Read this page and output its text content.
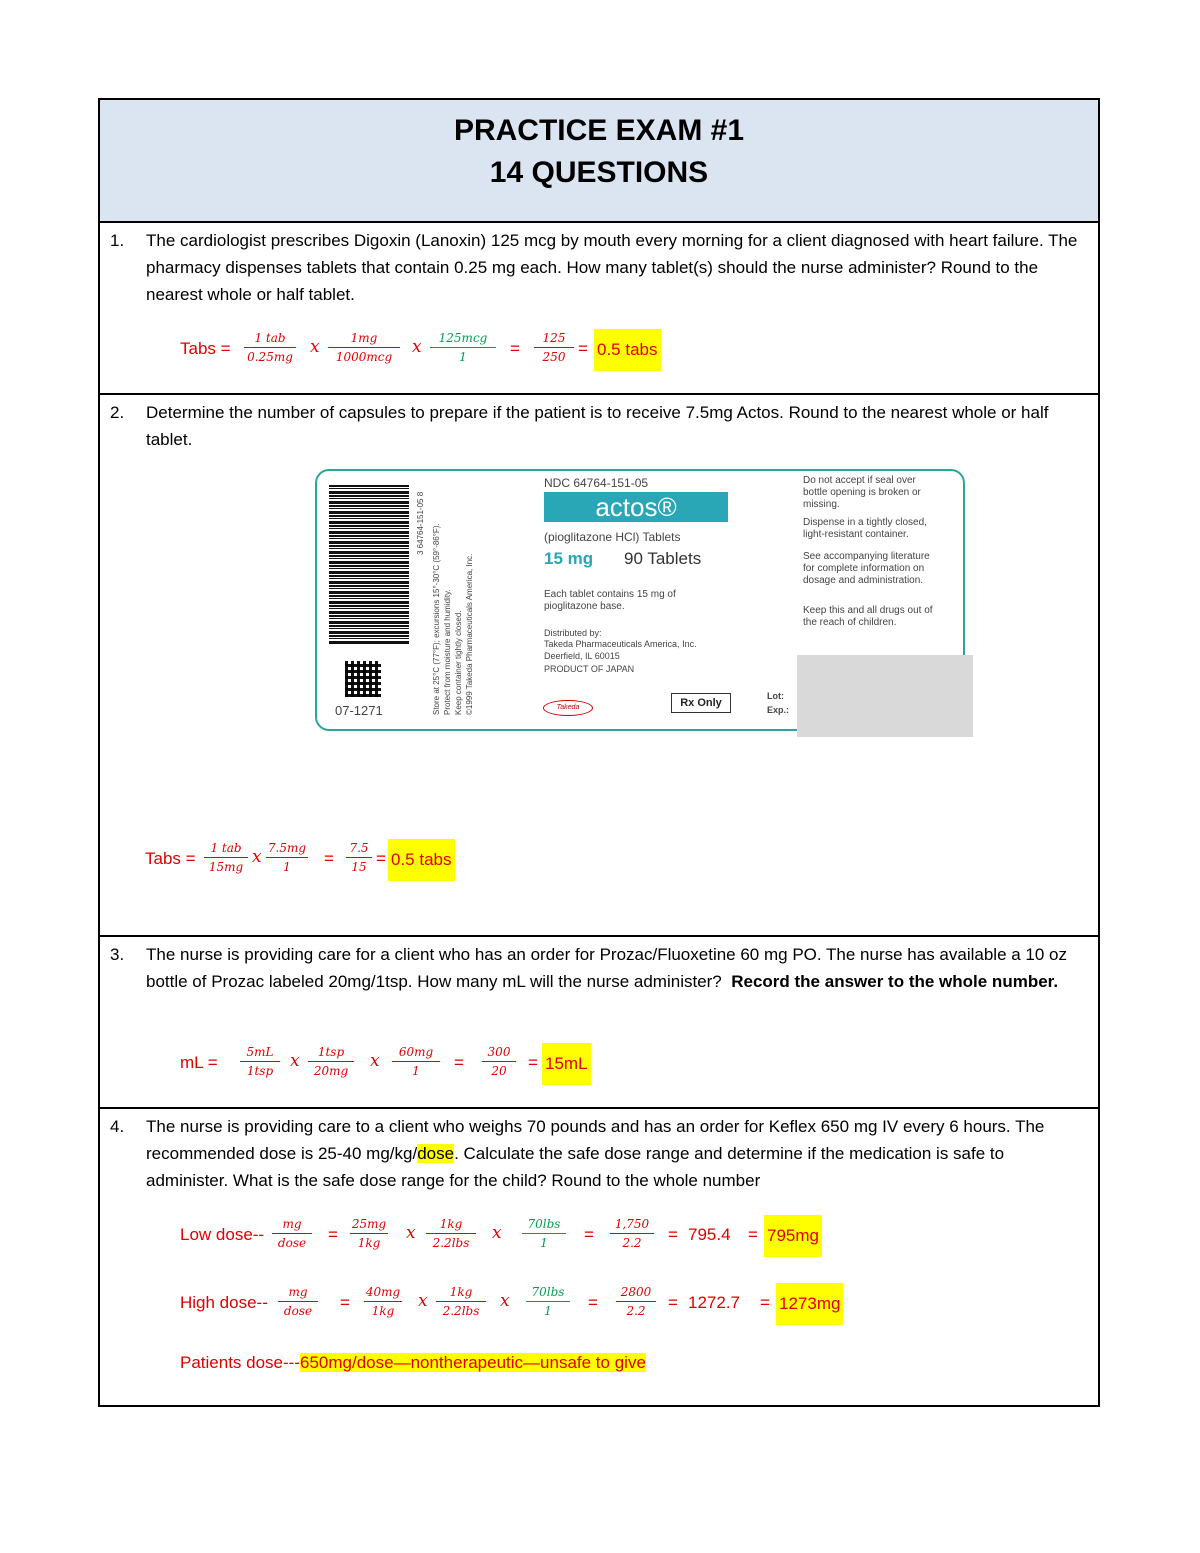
PRACTICE EXAM #1
14 QUESTIONS
1. The cardiologist prescribes Digoxin (Lanoxin) 125 mcg by mouth every morning for a client diagnosed with heart failure. The pharmacy dispenses tablets that contain 0.25 mg each. How many tablet(s) should the nurse administer? Round to the nearest whole or half tablet.
Tabs =
1 tab
0.25mg x	1mg
1000mcg	x	125mcg
1	= $\frac{125}{250} = 0.5$ tabs
2. Determine the number of capsules to prepare if the patient is to receive 7.5mg Actos. Round to the nearest whole or half tablet.
3 64764-151-05 8
07-1271	Store at 25°C (77°F); excursions 15°-30°C (59°-86°F). Protect from moisture and humidity. Keep container tightly closed. ©1999 Takeda Pharmaceuticals America, Inc.
NDC 64764-151-05
actos®
(pioglitazone HCl) Tablets
15 mg 90 Tablets
Each tablet contains 15 mg of pioglitazone base.
Distributed by:
Takeda Pharmaceuticals America, Inc. Deerfield, IL 60015
PRODUCT OF JAPAN
Takeda	Rx Only
Lot:
Exp.:
Do not accept if seal over bottle opening is broken or missing.
Dispense in a tightly closed, light-resistant container.
See accompanying literature for complete information on dosage and administration.
Keep this and all drugs out of the reach of children.
Tabs =
1 tab
15mg x $\frac{7.5mg}{1} = \frac{7.5}{15} = 0.5$ tabs
3. The nurse is providing care for a client who has an order for Prozac/Fluoxetine 60 mg PO. The nurse has available a 10 oz bottle of Prozac labeled 20mg/1tsp. How many mL will the nurse administer? Record the answer to the whole number.
mL =
5mL
1tsp x	1tsp
20mg	x $\frac{60mg}{1} = \frac{300}{20} = 15mL$
4. The nurse is providing care to a client who weighs 70 pounds and has an order for Keflex 650 mg IV every 6 hours. The recommended dose is 25-40 mg/kg/dose. Calculate the safe dose range and determine if the medication is safe to administer. What is the safe dose range for the child? Round to the whole number
Low dose--
mg
dose	= $\frac{25mg}{1kg}$ x	1kg
2.2lbs	x	70lbs
1	= $\frac{1,750}{2.2} = 795.4 = 795mg$
High dose--
mg
dose	= $\frac{40mg}{1kg}$ x	1kg
2.2lbs	x	70lbs
1	= $\frac{2800}{2.2} = 1272.7 = 1273mg$
Patients dose---650mg/dose—nontherapeutic—unsafe to give
